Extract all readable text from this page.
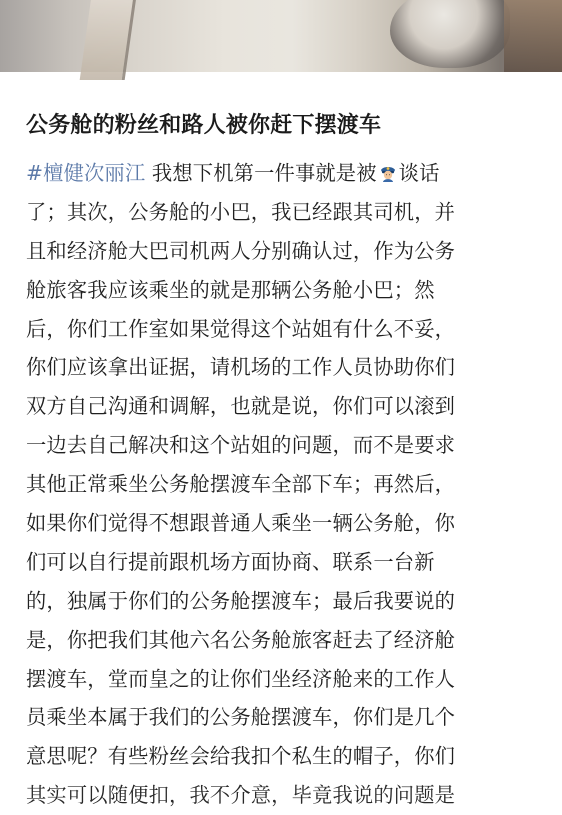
公务舱的粉丝和路人被你赶下摆渡车
#檀健次丽江 我想下机第一件事就是被 谈话
了；其次，公务舱的小巴，我已经跟其司机，并
且和经济舱大巴司机两人分别确认过，作为公务
舱旅客我应该乘坐的就是那辆公务舱小巴；然
后，你们工作室如果觉得这个站姐有什么不妥，
你们应该拿出证据，请机场的工作人员协助你们
双方自己沟通和调解，也就是说，你们可以滚到
一边去自己解决和这个站姐的问题，而不是要求
其他正常乘坐公务舱摆渡车全部下车；再然后，
如果你们觉得不想跟普通人乘坐一辆公务舱，你
们可以自行提前跟机场方面协商、联系一台新
的，独属于你们的公务舱摆渡车；最后我要说的
是，你把我们其他六名公务舱旅客赶去了经济舱
摆渡车，堂而皇之的让你们坐经济舱来的工作人
员乘坐本属于我们的公务舱摆渡车，你们是几个
意思呢？有些粉丝会给我扣个私生的帽子，你们
其实可以随便扣，我不介意，毕竟我说的问题是
